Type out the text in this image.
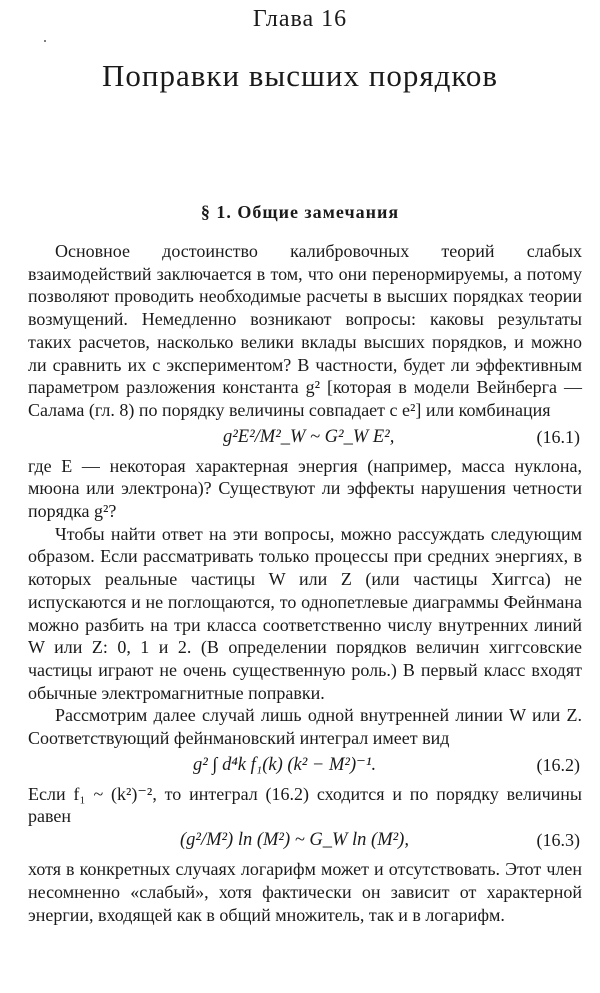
Глава 16
Поправки высших порядков
§ 1. Общие замечания

Основное достоинство калибровочных теорий слабых взаимодействий заключается в том, что они перенормируемы, а потому позволяют проводить необходимые расчеты в высших порядках теории возмущений. Немедленно возникают вопросы: каковы результаты таких расчетов, насколько велики вклады высших порядков, и можно ли сравнить их с экспериментом? В частности, будет ли эффективным параметром разложения константа g² [которая в модели Вейнберга — Салама (гл. 8) по порядку величины совпадает с e²] или комбинация

g²E²/M²_W ~ G²_W E²,	(16.1)

где E — некоторая характерная энергия (например, масса нуклона, мюона или электрона)? Существуют ли эффекты нарушения четности порядка g²?

Чтобы найти ответ на эти вопросы, можно рассуждать следующим образом. Если рассматривать только процессы при средних энергиях, в которых реальные частицы W или Z (или частицы Хиггса) не испускаются и не поглощаются, то однопетлевые диаграммы Фейнмана можно разбить на три класса соответственно числу внутренних линий W или Z: 0, 1 и 2. (В определении порядков величин хиггсовские частицы играют не очень существенную роль.) В первый класс входят обычные электромагнитные поправки.

Рассмотрим далее случай лишь одной внутренней линии W или Z. Соответствующий фейнмановский интеграл имеет вид

g² ∫ d⁴k f₁(k) (k² − M²)⁻¹.	(16.2)

Если f₁ ~ (k²)⁻², то интеграл (16.2) сходится и по порядку величины равен

(g²/M²) ln (M²) ~ G_W ln (M²),	(16.3)

хотя в конкретных случаях логарифм может и отсутствовать. Этот член несомненно «слабый», хотя фактически он зависит от характерной энергии, входящей как в общий множитель, так и в логарифм.
